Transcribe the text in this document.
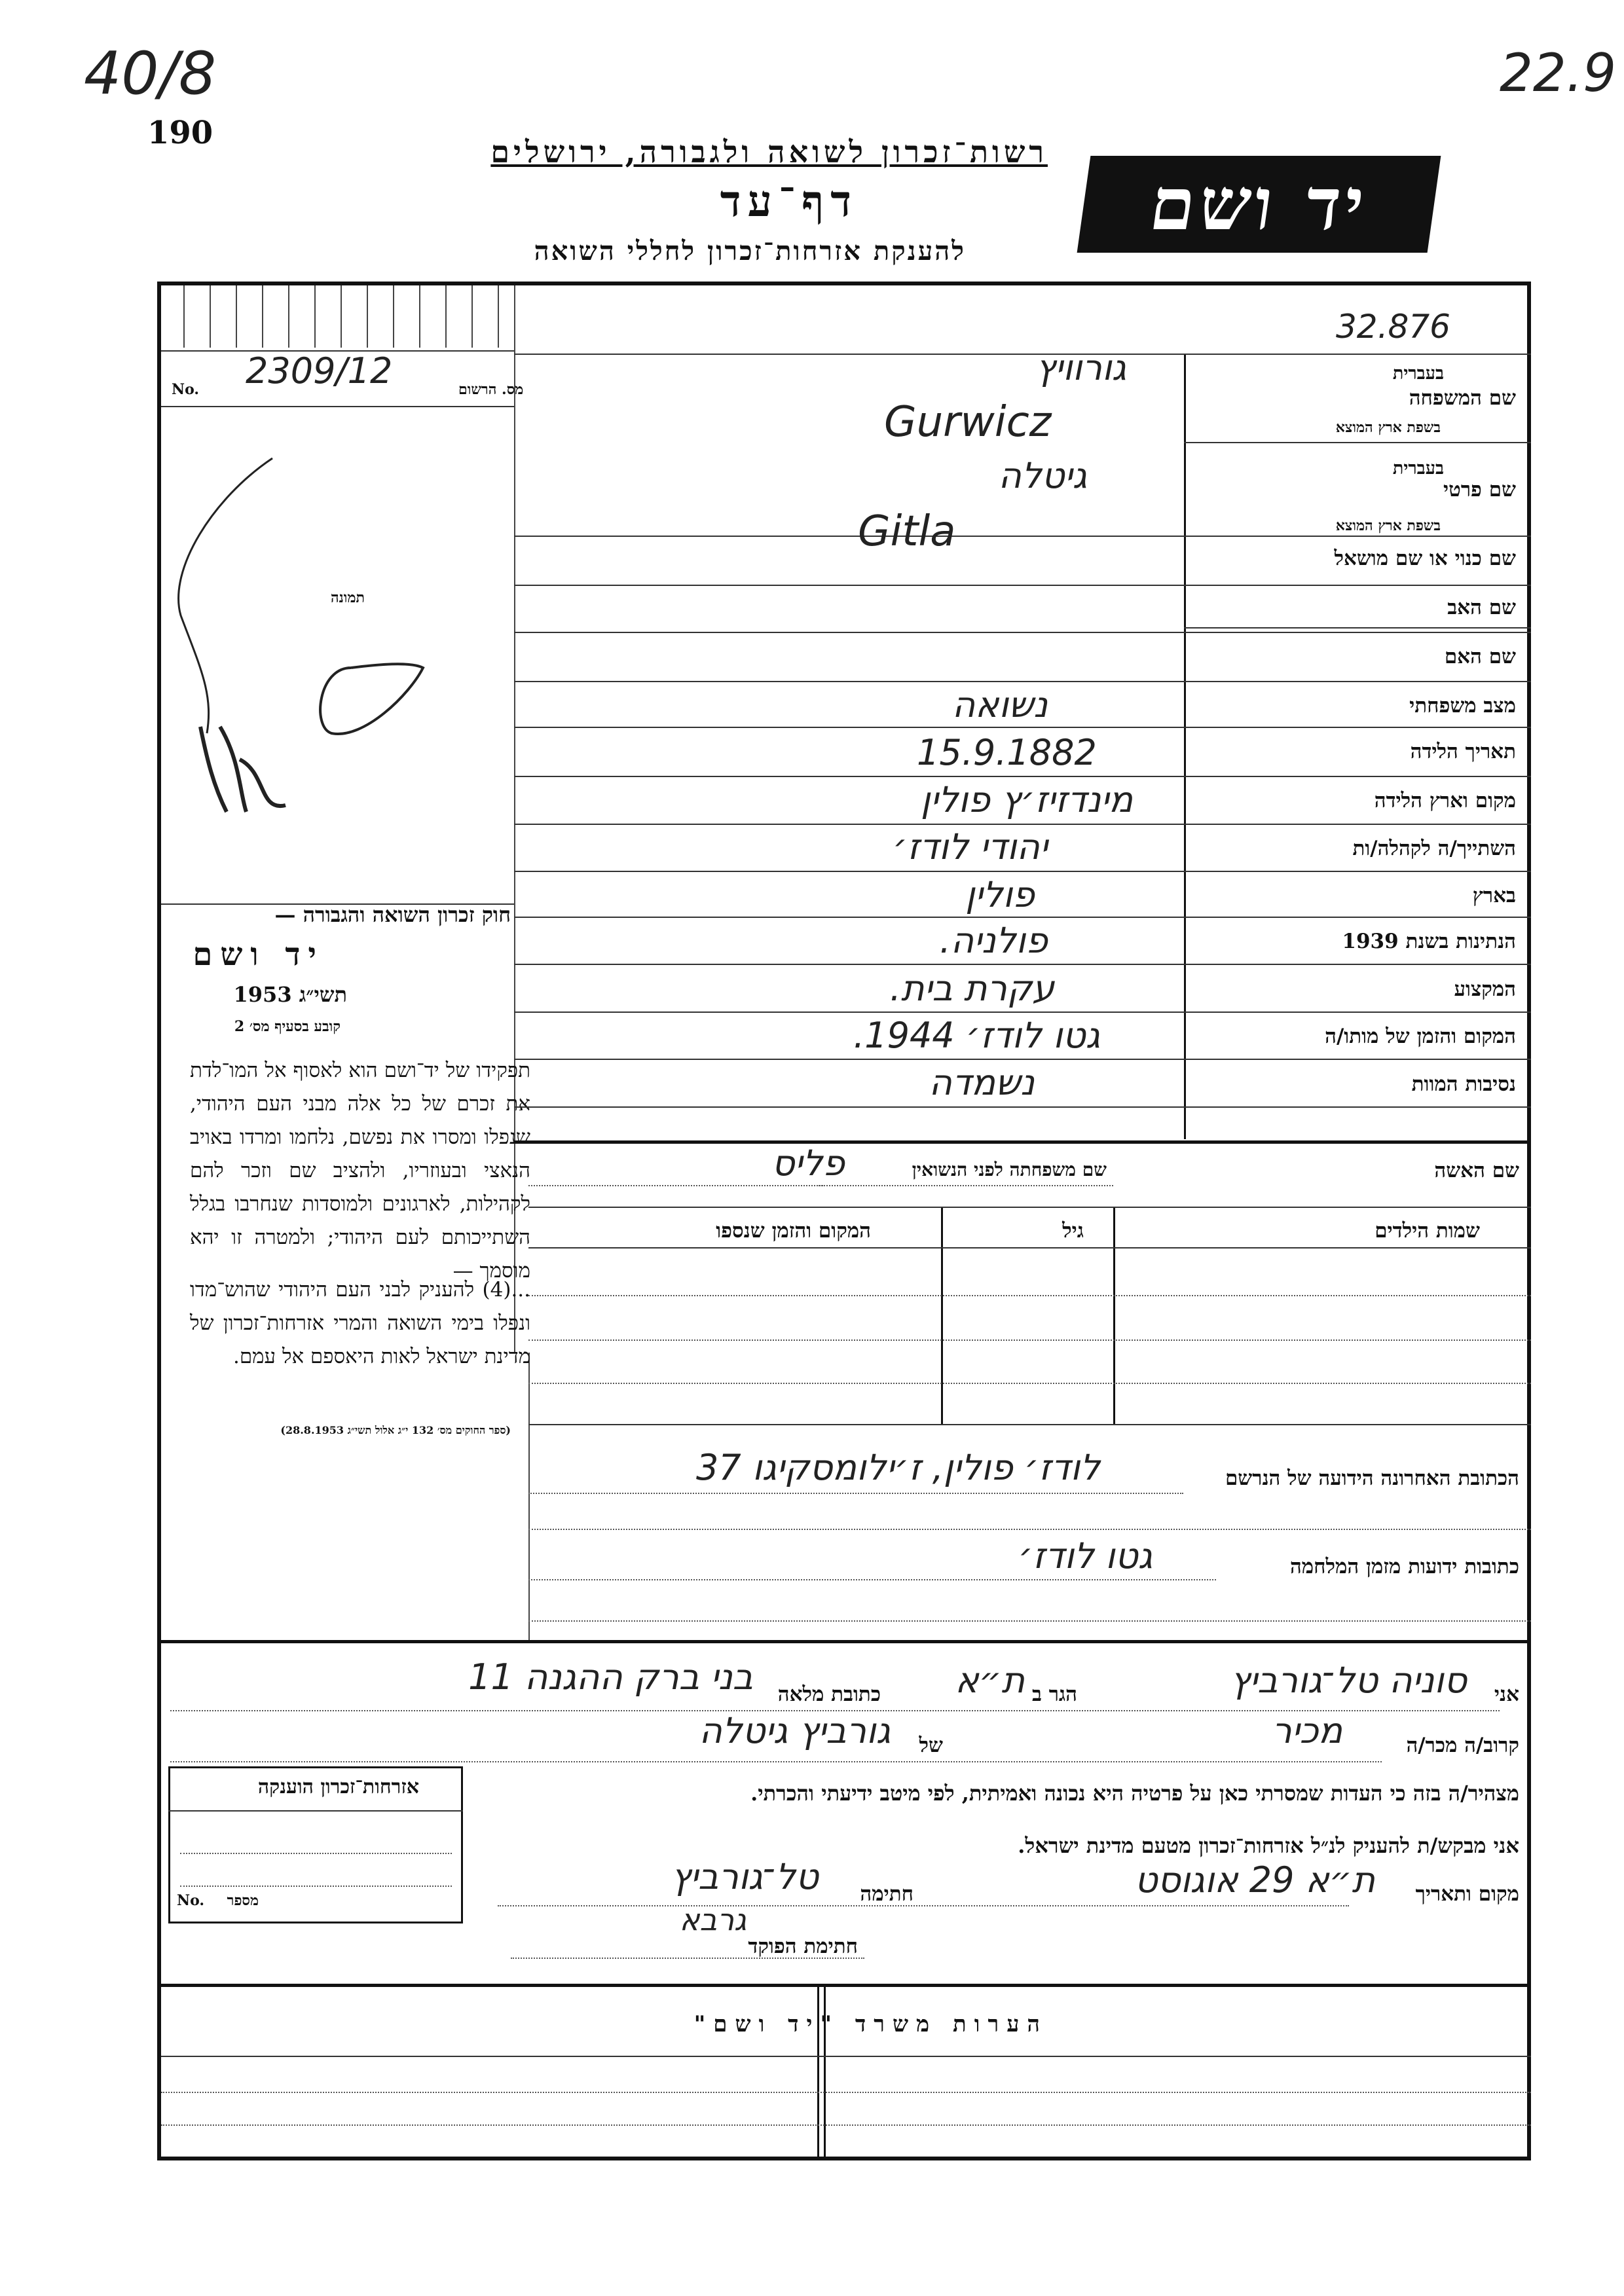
40/8
190
22.9
רשות־זכרון לשואה ולגבורה, ירושלים
דף־עד
להענקת אזרחות־זכרון לחללי השואה
יד ושם
מס. הרשום
No. 2309/12
32.876
תמונה
חוק זכרון השואה והגבורה —
יד ושם
תשי״ג 1953
קובע בסעיף מס׳ 2
תפקידו של יד־ושם הוא לאסוף אל המו־לדת את זכרם של כל אלה מבני העם היהודי, שנפלו ומסרו את נפשם, נלחמו ומרדו באויב הנאצי ובעוזריו, ולהציב שם וזכר להם לקהילות, לארגונים ולמוסדות שנחרבו בגלל השתייכותם לעם היהודי; ולמטרה זו יהא מוסמך —
...(4) להעניק לבני העם היהודי שהוש־מדו ונפלו בימי השואה והמרי אזרחות־זכרון של מדינת ישראל לאות היאספם אל עמם.
(ספר החוקים מס׳ 132 י״ג אלול תשי״ג 28.8.1953)
שם המשפחה
בעברית
בשפת ארץ המוצא
גורוויץ
Gurwicz
שם פרטי
בעברית
בשפת ארץ המוצא
גיטלה
Gitla
שם כנוי או שם מושאל
שם האב
שם האם
מצב משפחתי
נשואה
תאריך הלידה
15.9.1882
מקום וארץ הלידה
מינדזיז׳ץ פולין
השתייך/ה לקהלה/ות
יהודי לודז׳
בארץ
פולין
הנתינות בשנת 1939
פולניה.
המקצוע
עקרת בית.
המקום והזמן של מותו/ה
גטו לודז׳ 1944.
נסיבות המוות
נשמדה
שם האשה
שם משפחתה לפני הנשואין
פליס
שמות הילדים
גיל
המקום והזמן שנספו
הכתובת האחרונה הידועה של הנרשם
לודז׳ פולין, ז׳ילומסקיגו 37
כתובות ידועות מזמן המלחמה
גטו לודז׳
אני
סוניה טל־גורביץ
הגר ב
ת״א
כתובת מלאה
בני ברק ההגנה 11
קרוב/ה מכר/ה
מכיר
של
גורביץ גיטלה
מצהיר/ה בזה כי העדות שמסרתי כאן על פרטיה היא נכונה ואמיתית, לפי מיטב ידיעתי והכרתי.
אני מבקש/ת להעניק לנ״ל אזרחות־זכרון מטעם מדינת ישראל.
מקום ותאריך
ת״א 29 אוגוסט
חתימה
טל־גורביץ
חתימת הפוקד
גרבא
אזרחות־זכרון הוענקה
מספר
No.
הערות משרד "יד ושם"
